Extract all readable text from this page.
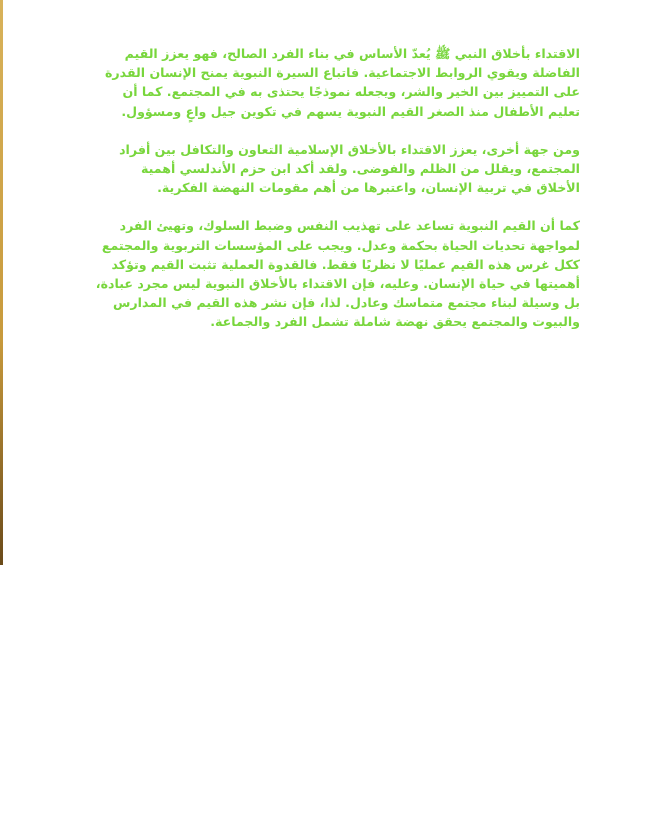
الاقتداء بأخلاق النبي ﷺ يُعدّ الأساس في بناء الفرد الصالح، فهو يعزز القيم الفاضلة ويقوي الروابط الاجتماعية. فاتباع السيرة النبوية يمنح الإنسان القدرة على التمييز بين الخير والشر، ويجعله نموذجًا يحتذى به في المجتمع. كما أن تعليم الأطفال منذ الصغر القيم النبوية يسهم في تكوين جيل واعٍ ومسؤول.

ومن جهة أخرى، يعزز الاقتداء بالأخلاق الإسلامية التعاون والتكافل بين أفراد المجتمع، ويقلل من الظلم والفوضى. ولقد أكد ابن حزم الأندلسي أهمية الأخلاق في تربية الإنسان، واعتبرها من أهم مقومات النهضة الفكرية.

كما أن القيم النبوية تساعد على تهذيب النفس وضبط السلوك، وتهيئ الفرد لمواجهة تحديات الحياة بحكمة وعدل. ويجب على المؤسسات التربوية والمجتمع ككل غرس هذه القيم عمليًا لا نظريًا فقط. فالقدوة العملية تثبت القيم وتؤكد أهميتها في حياة الإنسان. وعليه، فإن الاقتداء بالأخلاق النبوية ليس مجرد عبادة، بل وسيلة لبناء مجتمع متماسك وعادل. لذا، فإن نشر هذه القيم في المدارس والبيوت والمجتمع يحقق نهضة شاملة تشمل الفرد والجماعة.
